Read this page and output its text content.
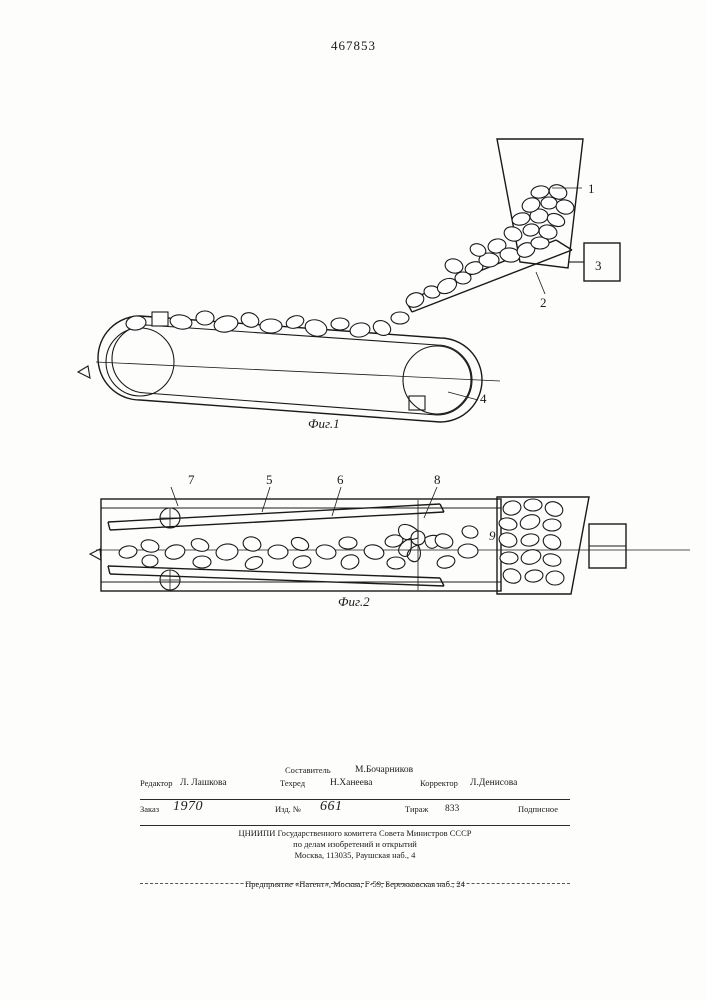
467853
Фиг.1
Фиг.2
1
2
3
4
5	6
7	8
9
Составитель	М.Бочарников
Редактор Л. Лашкова	Техред	Н.Ханеева	Корректор Л.Денисова
Заказ 1970	Изд. № 661	Тираж 833	Подписное
ЦНИИПИ Государственного комитета Совета Министров СССР
по делам изобретений и открытий
Москва, 113035, Раушская наб., 4
Предприятие «Патент», Москва, Г-59, Бережковская наб., 24
